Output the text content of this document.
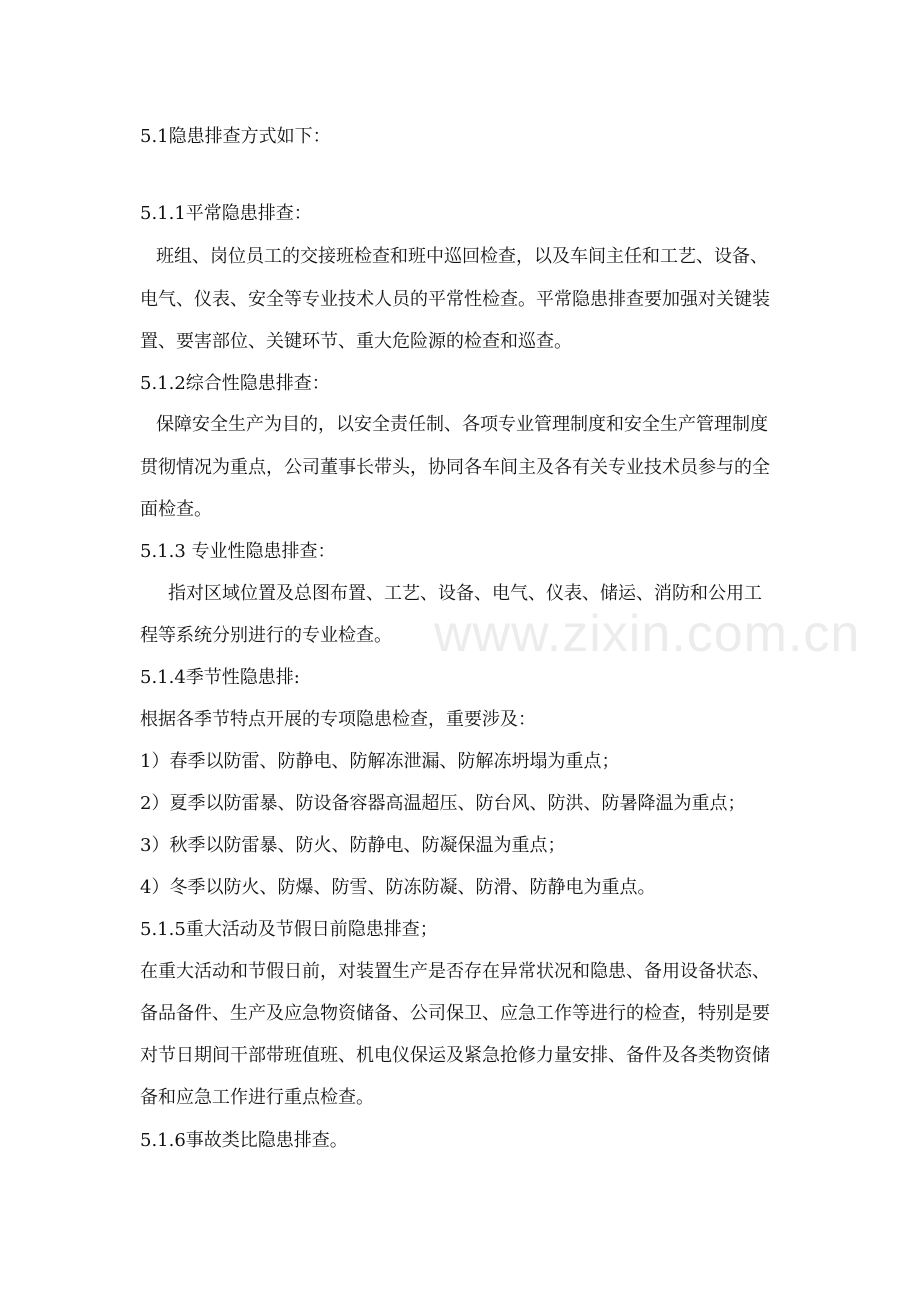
5.1隐患排查方式如下：
5.1.1平常隐患排查：
班组、岗位员工的交接班检查和班中巡回检查，以及车间主任和工艺、设备、
电气、仪表、安全等专业技术人员的平常性检查。平常隐患排查要加强对关键装
置、要害部位、关键环节、重大危险源的检查和巡查。
5.1.2综合性隐患排查：
保障安全生产为目的，以安全责任制、各项专业管理制度和安全生产管理制度
贯彻情况为重点，公司董事长带头，协同各车间主及各有关专业技术员参与的全
面检查。
5.1.3 专业性隐患排查：
指对区域位置及总图布置、工艺、设备、电气、仪表、储运、消防和公用工
程等系统分别进行的专业检查。
5.1.4季节性隐患排:
根据各季节特点开展的专项隐患检查，重要涉及：
1）春季以防雷、防静电、防解冻泄漏、防解冻坍塌为重点；
2）夏季以防雷暴、防设备容器高温超压、防台风、防洪、防暑降温为重点；
3）秋季以防雷暴、防火、防静电、防凝保温为重点；
4）冬季以防火、防爆、防雪、防冻防凝、防滑、防静电为重点。
5.1.5重大活动及节假日前隐患排查；
在重大活动和节假日前，对装置生产是否存在异常状况和隐患、备用设备状态、
备品备件、生产及应急物资储备、公司保卫、应急工作等进行的检查，特别是要
对节日期间干部带班值班、机电仪保运及紧急抢修力量安排、备件及各类物资储
备和应急工作进行重点检查。
5.1.6事故类比隐患排查。
www.zixin.com.cn
